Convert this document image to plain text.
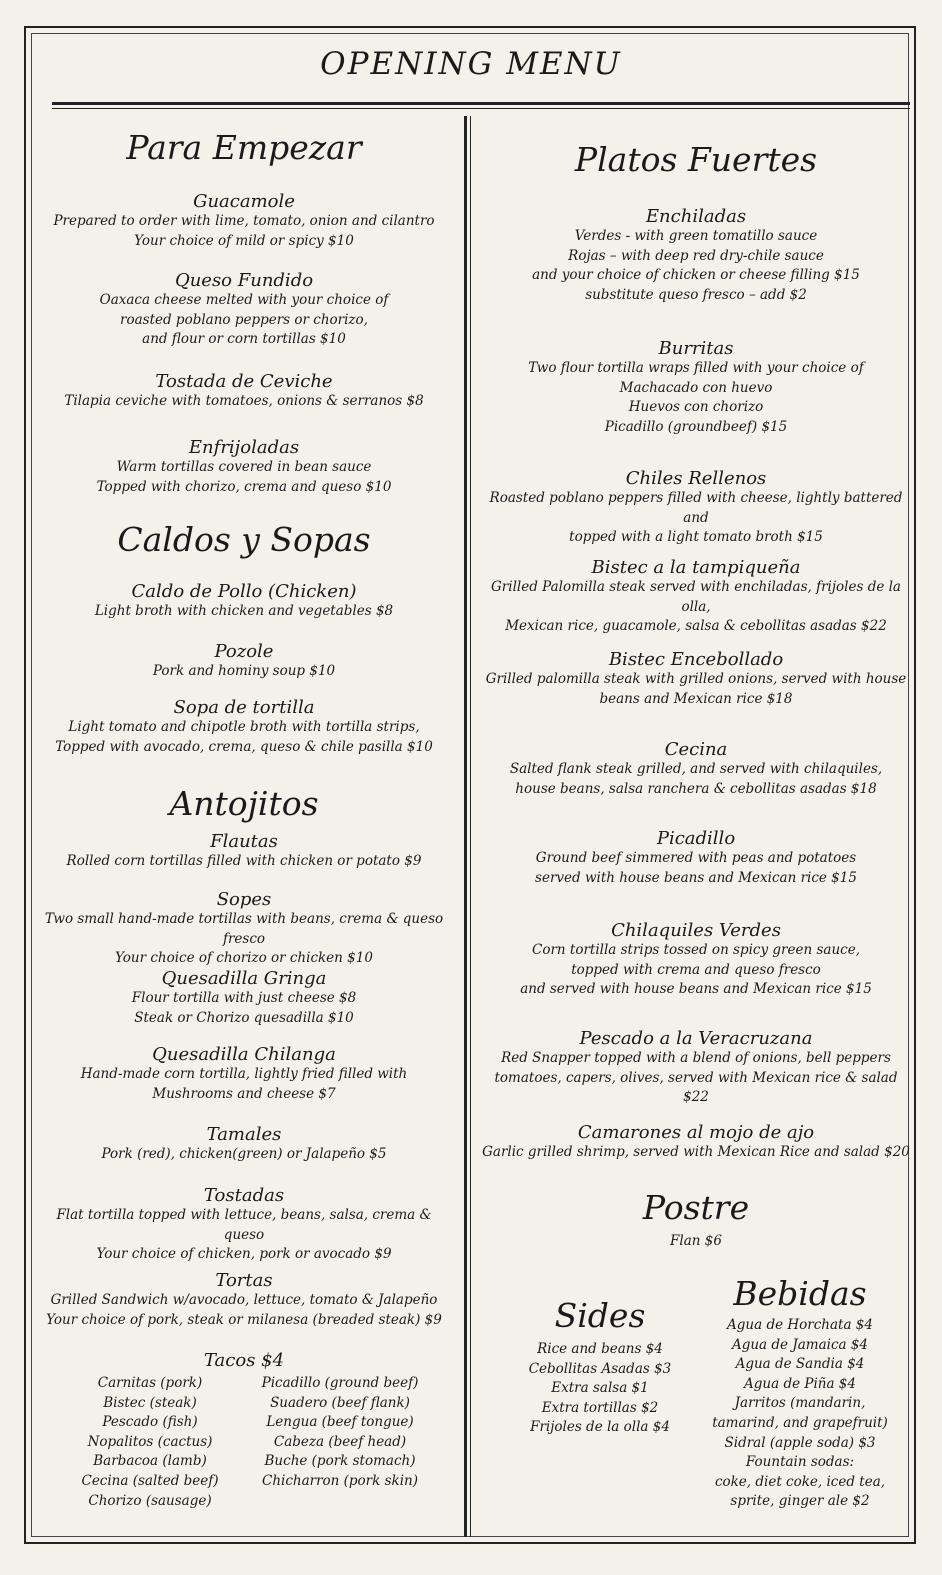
OPENING MENU
Para Empezar
Guacamole
Prepared to order with lime, tomato, onion and cilantro
Your choice of mild or spicy $10
Queso Fundido
Oaxaca cheese melted with your choice of
roasted poblano peppers or chorizo,
and flour or corn tortillas $10
Tostada de Ceviche
Tilapia ceviche with tomatoes, onions & serranos $8
Enfrijoladas
Warm tortillas covered in bean sauce
Topped with chorizo, crema and queso $10
Caldos y Sopas
Caldo de Pollo (Chicken)
Light broth with chicken and vegetables $8
Pozole
Pork and hominy soup $10
Sopa de tortilla
Light tomato and chipotle broth with tortilla strips,
Topped with avocado, crema, queso & chile pasilla $10
Antojitos
Flautas
Rolled corn tortillas filled with chicken or potato $9
Sopes
Two small hand-made tortillas with beans, crema & queso fresco
Your choice of chorizo or chicken $10
Quesadilla Gringa
Flour tortilla with just cheese $8
Steak or Chorizo quesadilla $10
Quesadilla Chilanga
Hand-made corn tortilla, lightly fried filled with
Mushrooms and cheese $7
Tamales
Pork (red), chicken(green) or Jalapeño $5
Tostadas
Flat tortilla topped with lettuce, beans, salsa, crema & queso
Your choice of chicken, pork or avocado $9
Tortas
Grilled Sandwich w/avocado, lettuce, tomato & Jalapeño
Your choice of pork, steak or milanesa (breaded steak) $9
Tacos $4
Carnitas (pork)
Bistec (steak)
Pescado (fish)
Nopalitos (cactus)
Barbacoa (lamb)
Cecina (salted beef)
Chorizo (sausage)
Picadillo (ground beef)
Suadero (beef flank)
Lengua (beef tongue)
Cabeza (beef head)
Buche (pork stomach)
Chicharron (pork skin)
Platos Fuertes
Enchiladas
Verdes - with green tomatillo sauce
Rojas – with deep red dry-chile sauce
and your choice of chicken or cheese filling $15
substitute queso fresco – add $2
Burritas
Two flour tortilla wraps filled with your choice of
Machacado con huevo
Huevos con chorizo
Picadillo (groundbeef) $15
Chiles Rellenos
Roasted poblano peppers filled with cheese, lightly battered and
topped with a light tomato broth $15
Bistec a la tampiqueña
Grilled Palomilla steak served with enchiladas, frijoles de la olla,
Mexican rice, guacamole, salsa & cebollitas asadas $22
Bistec Encebollado
Grilled palomilla steak with grilled onions, served with house
beans and Mexican rice $18
Cecina
Salted flank steak grilled, and served with chilaquiles,
house beans, salsa ranchera & cebollitas asadas $18
Picadillo
Ground beef simmered with peas and potatoes
served with house beans and Mexican rice $15
Chilaquiles Verdes
Corn tortilla strips tossed on spicy green sauce,
topped with crema and queso fresco
and served with house beans and Mexican rice $15
Pescado a la Veracruzana
Red Snapper topped with a blend of onions, bell peppers
tomatoes, capers, olives, served with Mexican rice & salad $22
Camarones al mojo de ajo
Garlic grilled shrimp, served with Mexican Rice and salad $20
Postre
Flan $6
Sides
Rice and beans $4
Cebollitas Asadas $3
Extra salsa $1
Extra tortillas $2
Frijoles de la olla $4
Bebidas
Agua de Horchata $4
Agua de Jamaica $4
Agua de Sandia $4
Agua de Piña $4
Jarritos (mandarin,
tamarind, and grapefruit)
Sidral (apple soda) $3
Fountain sodas:
coke, diet coke, iced tea,
sprite, ginger ale $2
